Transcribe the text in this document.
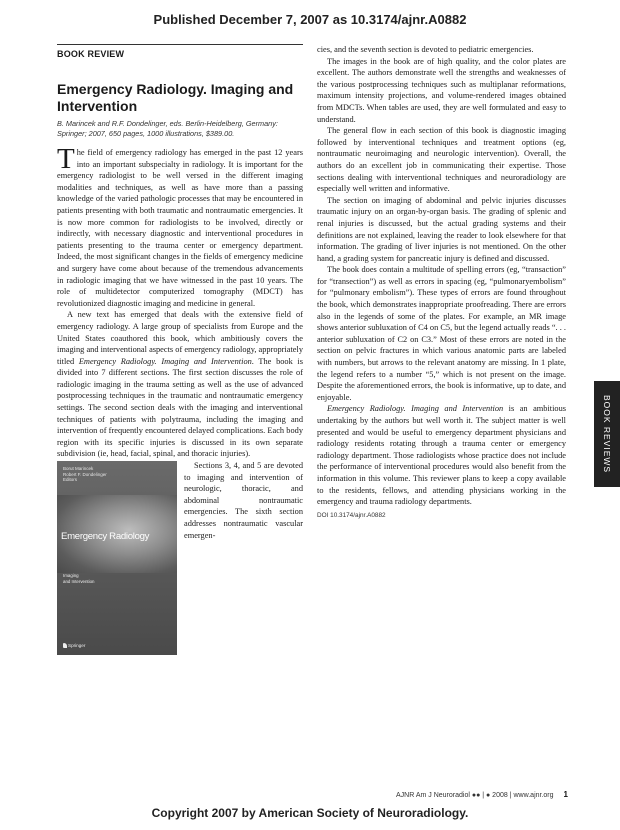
Published December 7, 2007 as 10.3174/ajnr.A0882
BOOK REVIEW
Emergency Radiology. Imaging and Intervention
B. Marincek and R.F. Dondelinger, eds. Berlin-Heidelberg, Germany: Springer; 2007, 650 pages, 1000 illustrations, $389.00.

The field of emergency radiology has emerged in the past 12 years into an important subspecialty in radiology. It is important for the emergency radiologist to be well versed in the different imaging modalities and techniques, as well as have more than a passing knowledge of the varied pathologic processes that may be encountered in patients presenting with both traumatic and nontraumatic emergencies. It is now more common for radiologists to be involved, directly or indirectly, with necessary diagnostic and interventional procedures in patients presenting to the trauma center or emergency department. Indeed, the most significant changes in the fields of emergency medicine and surgery have come about because of the tremendous advancements in radiologic imaging that we have witnessed in the past 10 years. The role of multidetector computerized tomography (MDCT) has revolutionized diagnostic imaging and medicine in general.

A new text has emerged that deals with the extensive field of emergency radiology. A large group of specialists from Europe and the United States coauthored this book, which ambitiously covers the imaging and interventional aspects of emergency radiology, appropriately titled Emergency Radiology. Imaging and Intervention. The book is divided into 7 different sections. The first section discusses the role of radiologic imaging in the trauma setting as well as the use of advanced postprocessing techniques in the traumatic and nontraumatic emergency settings. The second section deals with the imaging and interventional techniques of patients with polytrauma, including the imaging and intervention of frequently encountered delayed complications. Each body region with its specific injuries is discussed in its own separate subdivision (ie, head, facial, spinal, and thoracic injuries).

Borut Marincek
Robert F. Dondelinger
Editors
Emergency Radiology
Imaging
and Intervention
Springer

Sections 3, 4, and 5 are devoted to imaging and intervention of neurologic, thoracic, and abdominal nontraumatic emergencies. The sixth section addresses nontraumatic vascular emergen-

cies, and the seventh section is devoted to pediatric emergencies.

The images in the book are of high quality, and the color plates are excellent. The authors demonstrate well the strengths and weaknesses of the various postprocessing techniques such as multiplanar reformations, maximum intensity projections, and volume-rendered images obtained from MDCTs. When tables are used, they are well formulated and easy to understand.

The general flow in each section of this book is diagnostic imaging followed by interventional techniques and treatment options (eg, nontraumatic neuroimaging and neurologic intervention). Overall, the authors do an excellent job in communicating their expertise. Those sections dealing with interventional techniques and neuroradiology are especially well written and informative.

The section on imaging of abdominal and pelvic injuries discusses traumatic injury on an organ-by-organ basis. The grading of splenic and renal injuries is discussed, but the actual grading systems and their definitions are not explained, leaving the reader to look elsewhere for that information. The grading of liver injuries is not mentioned. On the other hand, a grading system for pancreatic injury is defined and discussed.

The book does contain a multitude of spelling errors (eg, “transaction” for “transection”) as well as errors in spacing (eg, “pulmonaryembolism” for “pulmonary embolism”). These types of errors are found throughout the book, which demonstrates inappropriate proofreading. There are errors also in the legends of some of the plates. For example, an MR image shows anterior subluxation of C4 on C5, but the legend actually reads “. . . anterior subluxation of C2 on C3.” Most of these errors are noted in the section on pelvic fractures in which various anatomic parts are labeled with numbers, but arrows to the relevant anatomy are missing. In 1 plate, the legend refers to a number “5,” which is not present on the image. Despite the aforementioned errors, the book is informative, up to date, and enjoyable.

Emergency Radiology. Imaging and Intervention is an ambitious undertaking by the authors but well worth it. The subject matter is well presented and would be useful to emergency department physicians and radiology residents rotating through a trauma center or emergency radiology department. Those radiologists whose practice does not include the performance of interventional procedures would also benefit from the information in this volume. This reviewer plans to keep a copy available to the residents, fellows, and attending physicians working in the emergency and trauma radiology departments.

DOI 10.3174/ajnr.A0882
BOOK REVIEWS
AJNR Am J Neuroradiol ●● | ● 2008 | www.ajnr.org 1
Copyright 2007 by American Society of Neuroradiology.
